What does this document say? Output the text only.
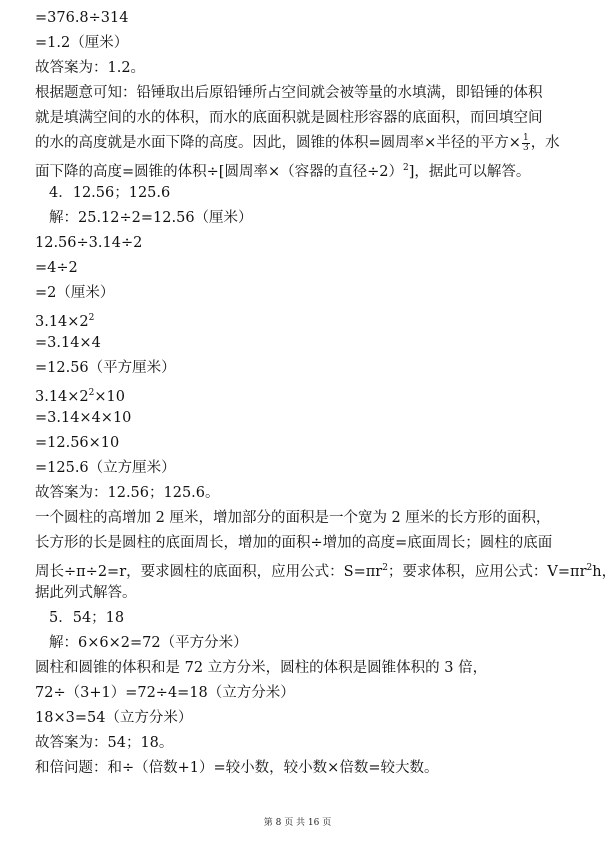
=376.8÷314
=1.2（厘米）
故答案为：1.2。
根据题意可知：铅锤取出后原铅锤所占空间就会被等量的水填满，即铅锤的体积
就是填满空间的水的体积，而水的底面积就是圆柱形容器的底面积，而回填空间
的水的高度就是水面下降的高度。因此，圆锥的体积=圆周率×半径的平方× $\frac{1}{3}$ ，水
面下降的高度=圆锥的体积÷[圆周率×（容器的直径÷2）$^2$]，据此可以解答。
4．12.56；125.6
解：25.12÷2=12.56（厘米）
12.56÷3.14÷2
=4÷2
=2（厘米）
$3.14\times 2^2$
=3.14×4
=12.56（平方厘米）
$3.14\times 2^2\times 10$
=3.14×4×10
=12.56×10
=125.6（立方厘米）
故答案为：12.56；125.6。
一个圆柱的高增加 2 厘米，增加部分的面积是一个宽为 2 厘米的长方形的面积，
长方形的长是圆柱的底面周长，增加的面积÷增加的高度=底面周长；圆柱的底面
周长÷π÷2=r，要求圆柱的底面积，应用公式：$S=\pi r^2$；要求体积，应用公式：$V=\pi r^2h$，
据此列式解答。
5．54；18
解：6×6×2=72（平方分米）
圆柱和圆锥的体积和是 72 立方分米，圆柱的体积是圆锥体积的 3 倍，
72÷（3+1）=72÷4=18（立方分米）
18×3=54（立方分米）
故答案为：54；18。
和倍问题：和÷（倍数+1）=较小数，较小数×倍数=较大数。
第 8 页 共 16 页
